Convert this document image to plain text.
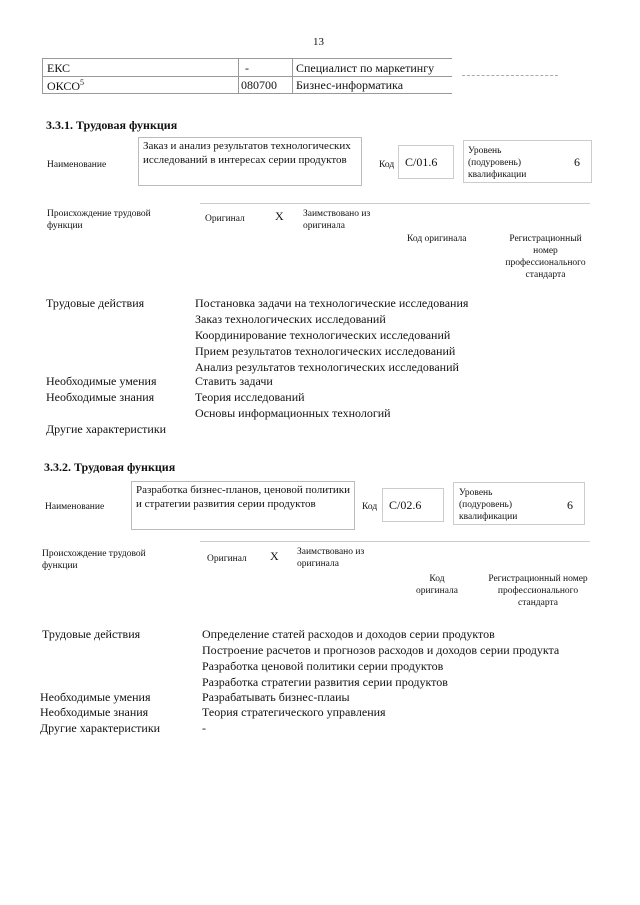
13
ЕКС	-	Специалист по маркетингу
ОКСО$^5$	080700 Бизнес-информатика
3.3.1. Трудовая функция
Наименование
Заказ и анализ результатов технологических исследований в интересах серии продуктов	Код C/01.6
Уровень (подуровень) квалификации
6
Происхождение трудовой функции
Оригинал	X Заимствовано из оригинала
Код оригинала	Регистрационный номер профессионального стандарта
Трудовые действия	Постановка задачи на технологические исследования
Заказ технологических исследований
Координирование технологических исследований
Прием результатов технологических исследований
Анализ результатов технологических исследований
Необходимые умения	Ставить задачи
Необходимые знания	Теория исследований
Основы информационных технологий
Другие характеристики
3.3.2. Трудовая функция
Наименование
Разработка бизнес-планов, ценовой политики и стратегии развития серии продуктов	Код C/02.6
Уровень (подуровень) квалификации
6
Происхождение трудовой функции
Оригинал X Заимствовано из оригинала
Код оригинала
Регистрационный номер профессионального стандарта
Трудовые действия	Определение статей расходов и доходов серии продуктов
Построение расчетов и прогнозов расходов и доходов серии продукта
Разработка ценовой политики серии продуктов
Разработка стратегии развития серии продуктов
Необходимые умения	Разрабатывать бизнес-плаиы
Необходимые знания	Теория стратегического управления
Другие характеристики	-
